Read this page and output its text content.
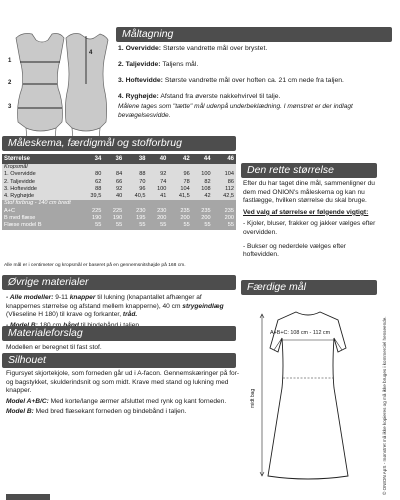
Måltagning
1
2
3
4
1. Overvidde: Største vandrette mål over brystet.
2. Taljevidde: Taljens mål.
3. Hoftevidde: Største vandrette mål over hoften ca. 21 cm nede fra taljen.
4. Ryghøjde: Afstand fra øverste nakkehvirvel til talje.
Målene tages som "tætte" mål udenpå underbeklædning. I mønstret er der indlagt bevægelsesvidde.
Måleskema, færdigmål og stofforbrug
Størrelse	34	36	38	40	42	44	46
Kropsmål							
1. Overvidde	80	84	88	92	96	100	104
2. Taljevidde	62	66	70	74	78	82	86
3. Hoftevidde	88	92	96	100	104	108	112
4. Ryghøjde	39,5	40	40,5	41	41,5	42	42,5
Stof forbrug - 140 cm bredt							
A+C	225	225	230	230	235	235	235
B med flæse	190	190	195	200	200	200	200
Flæse model B	55	55	55	55	55	55	55
Alle mål er i centimeter og kropsmål er baseret på en gennemsnitshøjde på 168 cm.
Den rette størrelse

Efter du har taget dine mål, sammenligner du dem med ONION's måleskema og kan nu fastlægge, hvilken størrelse du skal bruge.

Ved valg af størrelse er følgende vigtigt:

- Kjoler, bluser, frakker og jakker vælges efter overvidden.
- Bukser og nederdele vælges efter hoftevidden.
Øvrige materialer

- Alle modeller: 9-11 knapper til lukning (knapantallet afhænger af knappernes størrelse og afstand mellem knapperne), 40 cm strygeindlæg (Vlieseline H 180) til krave og forkanter, tråd.

Materialeforslag
Modellen er beregnet til fast stof.
Silhouet

Figursyet skjortekjole, som forneden går ud i A-facon. Gennemskæringer på for- og bagstykket, skulderindsnit og som midt. Krave med stand og lukning med knapper.

Model A+B/C: Med korte/lange ærmer afsluttet med rynk og kant forneden.

Model B: Med bred flæsekant forneden og bindebånd i taljen.

Færdige mål
A+B+C: 108 cm - 112 cm
midt bag	© ONION ApS - mønstret må ikke kopieres og må ikke bruges i kommerciel henseende.
